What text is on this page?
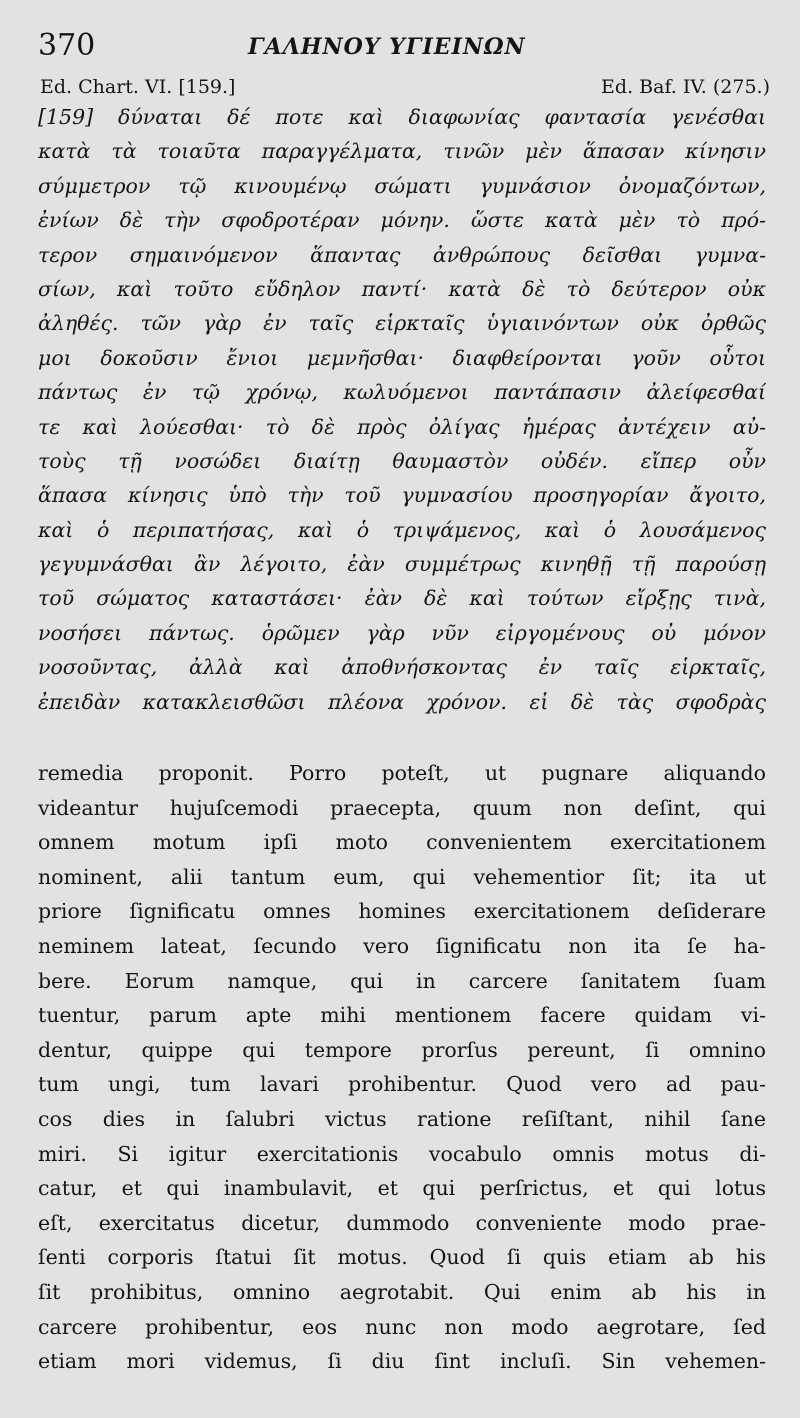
370	ΓΑΛΗΝΟΥ ΥΓΙΕΙΝΩΝ
Ed. Chart. VI. [159.]	Ed. Baf. IV. (275.)
[159] δύναται δέ ποτε καὶ διαφωνίας φαντασία γενέσθαι
κατὰ τὰ τοιαῦτα παραγγέλματα, τινῶν μὲν ἅπασαν κίνησιν
σύμμετρον τῷ κινουμένῳ σώματι γυμνάσιον ὀνομαζόντων,
ἐνίων δὲ τὴν σφοδροτέραν μόνην. ὥστε κατὰ μὲν τὸ πρό-
τερον σημαινόμενον ἅπαντας ἀνθρώπους δεῖσθαι γυμνα-
σίων, καὶ τοῦτο εὔδηλον παντί· κατὰ δὲ τὸ δεύτερον οὐκ
ἀληθές. τῶν γὰρ ἐν ταῖς εἱρκταῖς ὑγιαινόντων οὐκ ὀρθῶς
μοι δοκοῦσιν ἔνιοι μεμνῆσθαι· διαφθείρονται γοῦν οὗτοι
πάντως ἐν τῷ χρόνῳ, κωλυόμενοι παντάπασιν ἀλείφεσθαί
τε καὶ λούεσθαι· τὸ δὲ πρὸς ὀλίγας ἡμέρας ἀντέχειν αὐ-
τοὺς τῇ νοσώδει διαίτῃ θαυμαστὸν οὐδέν. εἴπερ οὖν
ἅπασα κίνησις ὑπὸ τὴν τοῦ γυμνασίου προσηγορίαν ἄγοιτο,
καὶ ὁ περιπατήσας, καὶ ὁ τριψάμενος, καὶ ὁ λουσάμενος
γεγυμνάσθαι ἂν λέγοιτο, ἐὰν συμμέτρως κινηθῇ τῇ παρούσῃ
τοῦ σώματος καταστάσει· ἐὰν δὲ καὶ τούτων εἴρξῃς τινὰ,
νοσήσει πάντως. ὁρῶμεν γὰρ νῦν εἰργομένους οὐ μόνον
νοσοῦντας, ἀλλὰ καὶ ἀποθνήσκοντας ἐν ταῖς εἱρκταῖς,
ἐπειδὰν κατακλεισθῶσι πλέονα χρόνον. εἰ δὲ τὰς σφοδρὰς
remedia proponit. Porro poteſt, ut pugnare aliquando
videantur hujuſcemodi praecepta, quum non deſint, qui
omnem motum ipſi moto convenientem exercitationem
nominent, alii tantum eum, qui vehementior ſit; ita ut
priore ſignificatu omnes homines exercitationem deſiderare
neminem lateat, ſecundo vero ſignificatu non ita ſe ha-
bere. Eorum namque, qui in carcere ſanitatem ſuam
tuentur, parum apte mihi mentionem facere quidam vi-
dentur, quippe qui tempore prorſus pereunt, ſi omnino
tum ungi, tum lavari prohibentur. Quod vero ad pau-
cos dies in ſalubri victus ratione reſiſtant, nihil ſane
miri. Si igitur exercitationis vocabulo omnis motus di-
catur, et qui inambulavit, et qui perſrictus, et qui lotus
eſt, exercitatus dicetur, dummodo conveniente modo prae-
ſenti corporis ſtatui ſit motus. Quod ſi quis etiam ab his
ſit prohibitus, omnino aegrotabit. Qui enim ab his in
carcere prohibentur, eos nunc non modo aegrotare, ſed
etiam mori videmus, ſi diu ſint incluſi. Sin vehemen-
